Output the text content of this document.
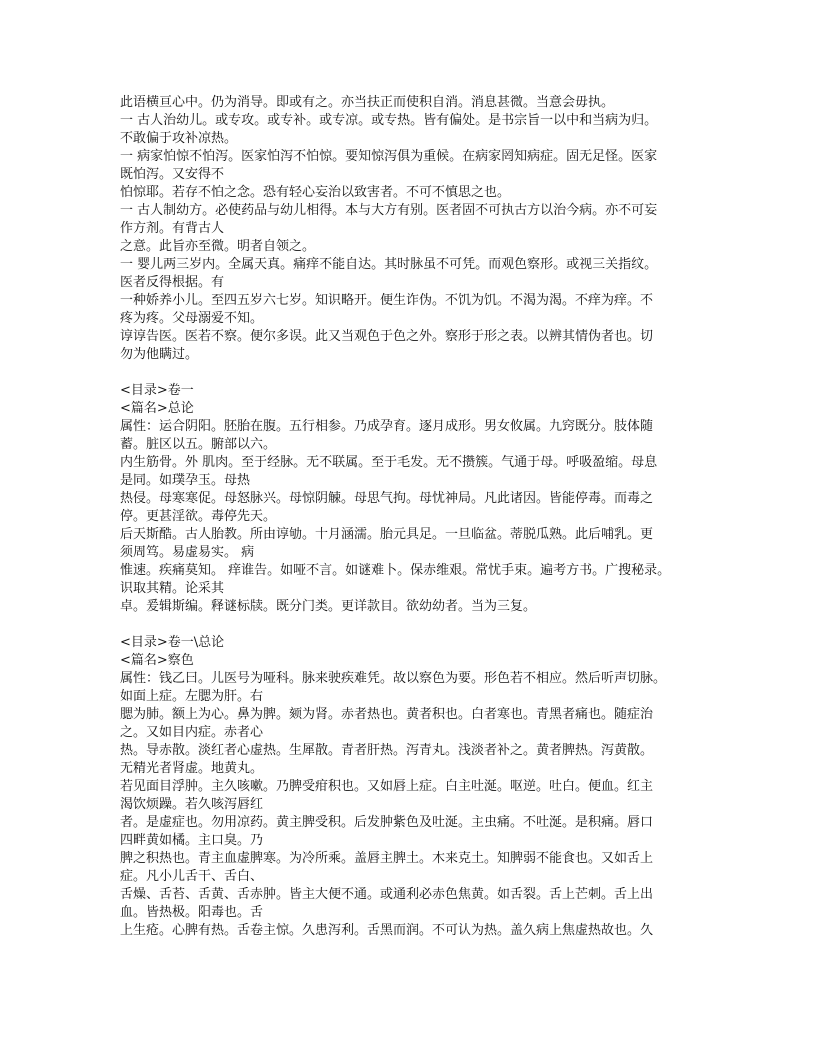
此语横亘心中。仍为消导。即或有之。亦当扶正而使积自消。消息甚微。当意会毋执。
一 古人治幼儿。或专攻。或专补。或专凉。或专热。皆有偏处。是书宗旨一以中和当病为归。
不敢偏于攻补凉热。
一 病家怕惊不怕泻。医家怕泻不怕惊。要知惊泻俱为重候。在病家罔知病症。固无足怪。医家
既怕泻。又安得不
怕惊耶。若存不怕之念。恐有轻心妄治以致害者。不可不慎思之也。
一 古人制幼方。必使药品与幼儿相得。本与大方有别。医者固不可执古方以治今病。亦不可妄
作方剂。有背古人
之意。此旨亦至微。明者自领之。
一 婴儿两三岁内。全属天真。痛痒不能自达。其时脉虽不可凭。而观色察形。或视三关指纹。
医者反得根据。有
一种娇养小儿。至四五岁六七岁。知识略开。便生诈伪。不饥为饥。不渴为渴。不痒为痒。不
疼为疼。父母溺爱不知。
谆谆告医。医若不察。便尔多误。此又当观色于色之外。察形于形之表。以辨其情伪者也。切
勿为他瞒过。
<目录>卷一
<篇名>总论
属性：运合阴阳。胚胎在腹。五行相参。乃成孕育。逐月成形。男女攸属。九窍既分。肢体随
蓄。脏区以五。腑部以六。
内生筋骨。外 肌肉。至于经脉。无不联属。至于毛发。无不攒簇。气通于母。呼吸盈缩。母息
是同。如璞孕玉。母热
热侵。母寒寒促。母怒脉兴。母惊阴觫。母思气拘。母忧神局。凡此诸因。皆能停毒。而毒之
停。更甚淫欲。毒停先天。
后天斯酷。古人胎教。所由谆劬。十月涵濡。胎元具足。一旦临盆。蒂脱瓜熟。此后哺乳。更
须周笃。易虚易实。 病
惟速。疾痛莫知。 痒谁告。如哑不言。如谜难卜。保赤维艰。常忧手束。遍考方书。广搜秘录。
识取其精。论采其
卓。爰辑斯编。释谜标牍。既分门类。更详款目。欲幼幼者。当为三复。
<目录>卷一\总论
<篇名>察色
属性：钱乙曰。儿医号为哑科。脉来驶疾难凭。故以察色为要。形色若不相应。然后听声切脉。
如面上症。左腮为肝。右
腮为肺。额上为心。鼻为脾。颏为肾。赤者热也。黄者积也。白者寒也。青黑者痛也。随症治
之。又如目内症。赤者心
热。导赤散。淡红者心虚热。生犀散。青者肝热。泻青丸。浅淡者补之。黄者脾热。泻黄散。
无精光者肾虚。地黄丸。
若见面目浮肿。主久咳嗽。乃脾受疳积也。又如唇上症。白主吐涎。呕逆。吐白。便血。红主
渴饮烦躁。若久咳泻唇红
者。是虚症也。勿用凉药。黄主脾受积。后发肿紫色及吐涎。主虫痛。不吐涎。是积痛。唇口
四畔黄如橘。主口臭。乃
脾之积热也。青主血虚脾寒。为冷所乘。盖唇主脾土。木来克土。知脾弱不能食也。又如舌上
症。凡小儿舌干、舌白、
舌燥、舌苔、舌黄、舌赤肿。皆主大便不通。或通利必赤色焦黄。如舌裂。舌上芒刺。舌上出
血。皆热极。阳毒也。舌
上生疮。心脾有热。舌卷主惊。久患泻利。舌黑而润。不可认为热。盖久病上焦虚热故也。久
